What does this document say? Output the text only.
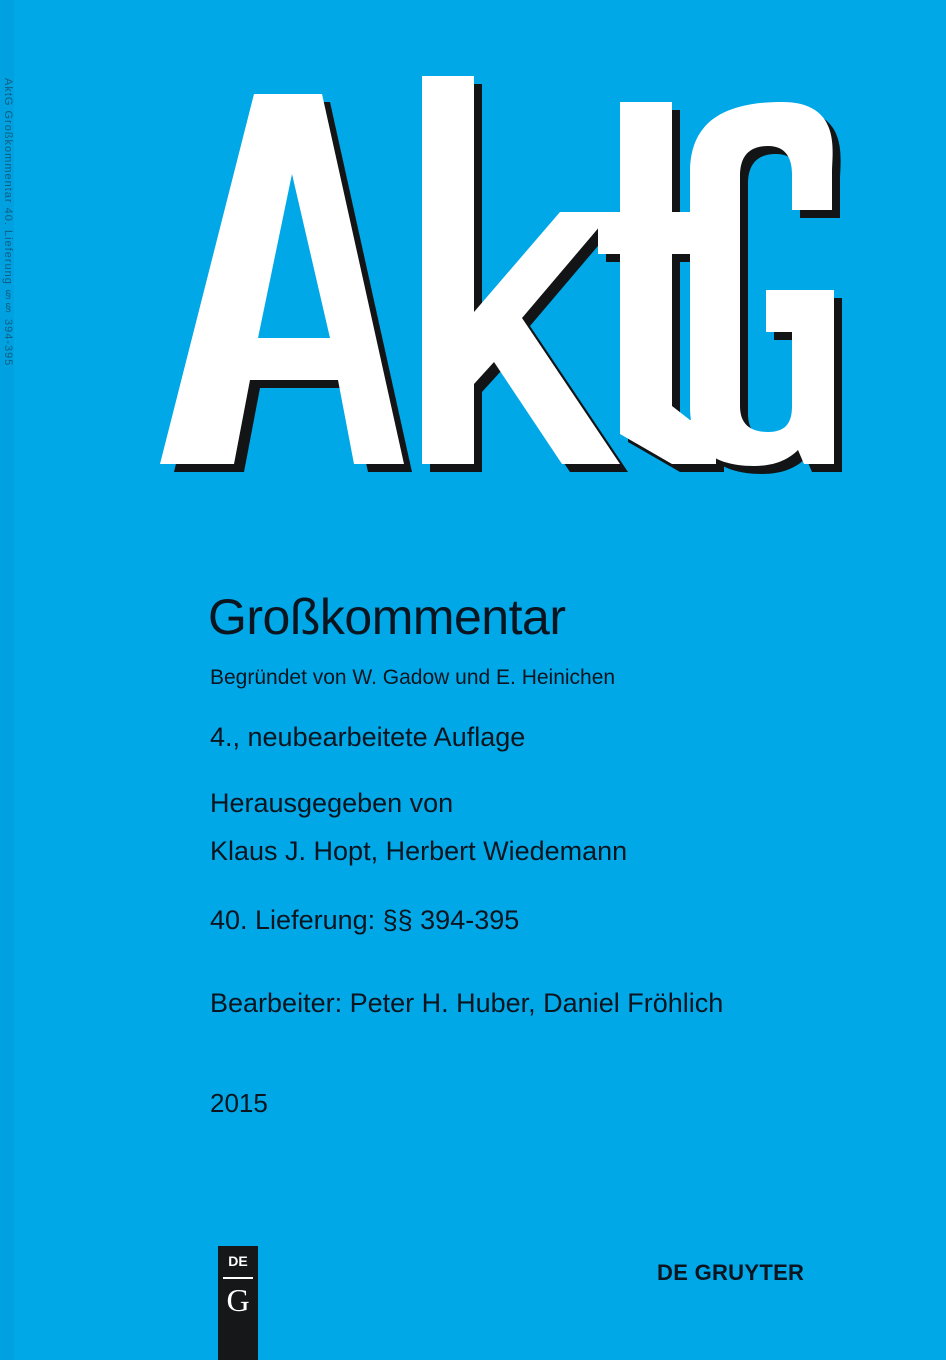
AktG Großkommentar 40. Lieferung §§ 394-395
Großkommentar
Begründet von W. Gadow und E. Heinichen
4., neubearbeitete Auflage
Herausgegeben von
Klaus J. Hopt, Herbert Wiedemann
40. Lieferung: §§ 394-395
Bearbeiter: Peter H. Huber, Daniel Fröhlich
2015
DE
G
DE GRUYTER
